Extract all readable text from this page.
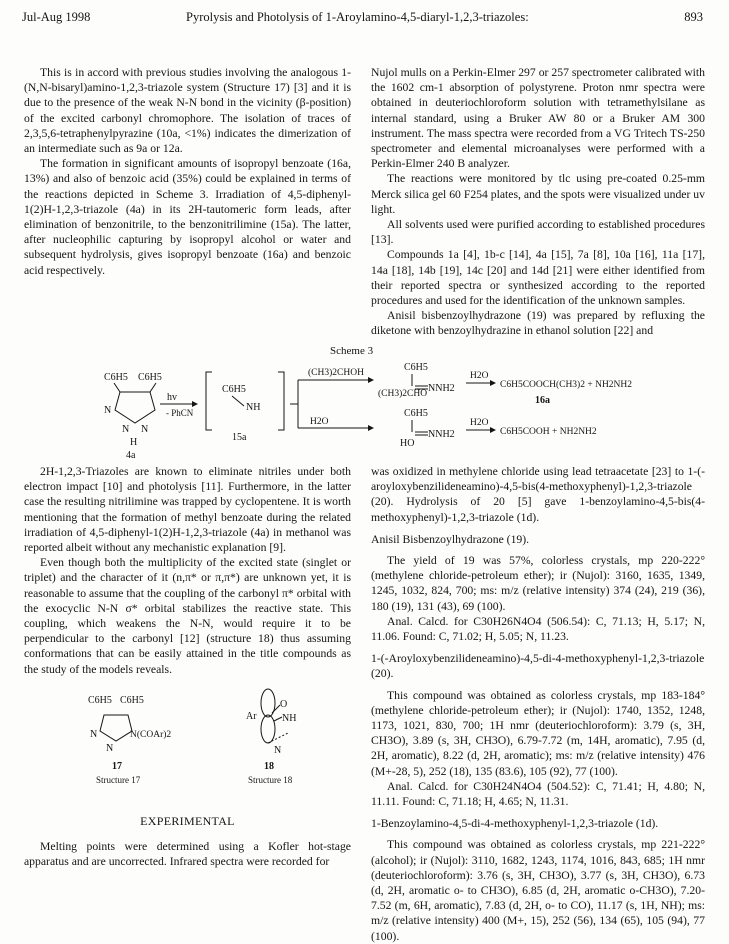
Jul-Aug 1998	Pyrolysis and Photolysis of 1-Aroylamino-4,5-diaryl-1,2,3-triazoles:	893

This is in accord with previous studies involving the analogous 1-(N,N-bisaryl)amino-1,2,3-triazole system (Structure 17) [3] and it is due to the presence of the weak N-N bond in the vicinity (β-position) of the excited carbonyl chromophore. The isolation of traces of 2,3,5,6-tetraphenylpyrazine (10a, <1%) indicates the dimerization of an intermediate such as 9a or 12a.

The formation in significant amounts of isopropyl benzoate (16a, 13%) and also of benzoic acid (35%) could be explained in terms of the reactions depicted in Scheme 3. Irradiation of 4,5-diphenyl-1(2)H-1,2,3-triazole (4a) in its 2H-tautomeric form leads, after elimination of benzonitrile, to the benzonitrilimine (15a). The latter, after nucleophilic capturing by isopropyl alcohol or water and subsequent hydrolysis, gives isopropyl benzoate (16a) and benzoic acid respectively.

Nujol mulls on a Perkin-Elmer 297 or 257 spectrometer calibrated with the 1602 cm-1 absorption of polystyrene. Proton nmr spectra were obtained in deuteriochloroform solution with tetramethylsilane as internal standard, using a Bruker AW 80 or a Bruker AM 300 instrument. The mass spectra were recorded from a VG Tritech TS-250 spectrometer and elemental microanalyses were performed with a Perkin-Elmer 240 B analyzer.

The reactions were monitored by tlc using pre-coated 0.25-mm Merck silica gel 60 F254 plates, and the spots were visualized under uv light.

All solvents used were purified according to established procedures [13].

Compounds 1a [4], 1b-c [14], 4a [15], 7a [8], 10a [16], 11a [17], 14a [18], 14b [19], 14c [20] and 14d [21] were either identified from their reported spectra or synthesized according to the reported procedures and used for the identification of the unknown samples.

Anisil bisbenzoylhydrazone (19) was prepared by refluxing the diketone with benzoylhydrazine in ethanol solution [22] and

Scheme 3
C6H5 C6H5
N
N N
H
4a
hv
- PhCN
C6H5
NH
15a
(CH3)2CHOH
H2O
C6H5
(CH3)2CHO NNH2
C6H5
HO
NNH2
H2O
H2O
C6H5COOCH(CH3)2 + NH2NH2
16a
C6H5COOH + NH2NH2

2H-1,2,3-Triazoles are known to eliminate nitriles under both electron impact [10] and photolysis [11]. Furthermore, in the latter case the resulting nitrilimine was trapped by cyclopentene. It is worth mentioning that the formation of methyl benzoate during the related irradiation of 4,5-diphenyl-1(2)H-1,2,3-triazole (4a) in methanol was reported albeit without any mechanistic explanation [9].

Even though both the multiplicity of the excited state (singlet or triplet) and the character of it (n,π* or π,π*) are unknown yet, it is reasonable to assume that the coupling of the carbonyl π* orbital with the exocyclic N-N σ* orbital stabilizes the reactive state. This coupling, which weakens the N-N, would require it to be perpendicular to the carbonyl [12] (structure 18) thus assuming conformations that can be easily attained in the title compounds as the study of the models reveals.

C6H5 C6H5
N
N
N(COAr)2
17
Structure 17
Ar
O
NH
N
18
Structure 18

EXPERIMENTAL

Melting points were determined using a Kofler hot-stage apparatus and are uncorrected. Infrared spectra were recorded for

was oxidized in methylene chloride using lead tetraacetate [23] to 1-(-aroyloxybenzilideneamino)-4,5-bis(4-methoxyphenyl)-1,2,3-triazole (20). Hydrolysis of 20 [5] gave 1-benzoylamino-4,5-bis(4-methoxyphenyl)-1,2,3-triazole (1d).

Anisil Bisbenzoylhydrazone (19).

The yield of 19 was 57%, colorless crystals, mp 220-222° (methylene chloride-petroleum ether); ir (Nujol): 3160, 1635, 1349, 1245, 1032, 824, 700; ms: m/z (relative intensity) 374 (24), 219 (36), 180 (19), 131 (43), 69 (100).

Anal. Calcd. for C30H26N4O4 (506.54): C, 71.13; H, 5.17; N, 11.06. Found: C, 71.02; H, 5.05; N, 11.23.

1-(-Aroyloxybenzilideneamino)-4,5-di-4-methoxyphenyl-1,2,3-triazole (20).

This compound was obtained as colorless crystals, mp 183-184° (methylene chloride-petroleum ether); ir (Nujol): 1740, 1352, 1248, 1173, 1021, 830, 700; 1H nmr (deuteriochloroform): 3.79 (s, 3H, CH3O), 3.89 (s, 3H, CH3O), 6.79-7.72 (m, 14H, aromatic), 7.95 (d, 2H, aromatic), 8.22 (d, 2H, aromatic); ms: m/z (relative intensity) 476 (M+-28, 5), 252 (18), 135 (83.6), 105 (92), 77 (100).

Anal. Calcd. for C30H24N4O4 (504.52): C, 71.41; H, 4.80; N, 11.11. Found: C, 71.18; H, 4.65; N, 11.31.

1-Benzoylamino-4,5-di-4-methoxyphenyl-1,2,3-triazole (1d).

This compound was obtained as colorless crystals, mp 221-222° (alcohol); ir (Nujol): 3110, 1682, 1243, 1174, 1016, 843, 685; 1H nmr (deuteriochloroform): 3.76 (s, 3H, CH3O), 3.77 (s, 3H, CH3O), 6.73 (d, 2H, aromatic o- to CH3O), 6.85 (d, 2H, aromatic o-CH3O), 7.20-7.52 (m, 6H, aromatic), 7.83 (d, 2H, o- to CO), 11.17 (s, 1H, NH); ms: m/z (relative intensity) 400 (M+, 15), 252 (56), 134 (65), 105 (94), 77 (100).
